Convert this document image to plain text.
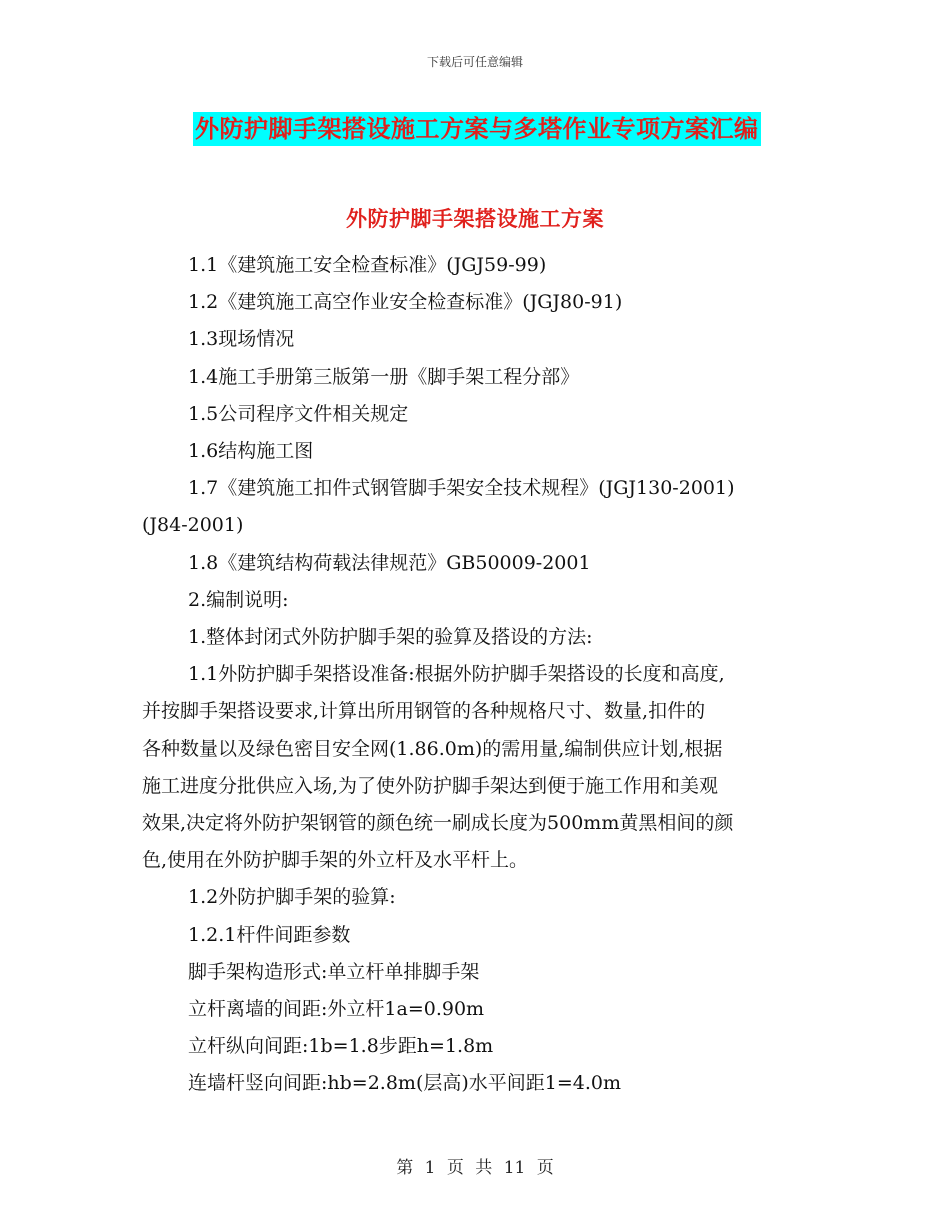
下载后可任意编辑
外防护脚手架搭设施工方案与多塔作业专项方案汇编
外防护脚手架搭设施工方案

1.1《建筑施工安全检查标准》(JGJ59-99)

1.2《建筑施工高空作业安全检查标准》(JGJ80-91)

1.3现场情况

1.4施工手册第三版第一册《脚手架工程分部》

1.5公司程序文件相关规定

1.6结构施工图

1.7《建筑施工扣件式钢管脚手架安全技术规程》(JGJ130-2001)

(J84-2001)

1.8《建筑结构荷载法律规范》GB50009-2001

2.编制说明:

1.整体封闭式外防护脚手架的验算及搭设的方法:

1.1外防护脚手架搭设准备:根据外防护脚手架搭设的长度和高度,

并按脚手架搭设要求,计算出所用钢管的各种规格尺寸、数量,扣件的

各种数量以及绿色密目安全网(1.86.0m)的需用量,编制供应计划,根据

施工进度分批供应入场,为了使外防护脚手架达到便于施工作用和美观

效果,决定将外防护架钢管的颜色统一刷成长度为500mm黄黑相间的颜

色,使用在外防护脚手架的外立杆及水平杆上。

1.2外防护脚手架的验算:

1.2.1杆件间距参数

脚手架构造形式:单立杆单排脚手架

立杆离墙的间距:外立杆1a=0.90m

立杆纵向间距:1b=1.8步距h=1.8m

连墙杆竖向间距:hb=2.8m(层高)水平间距1=4.0m

第 1 页 共 11 页
